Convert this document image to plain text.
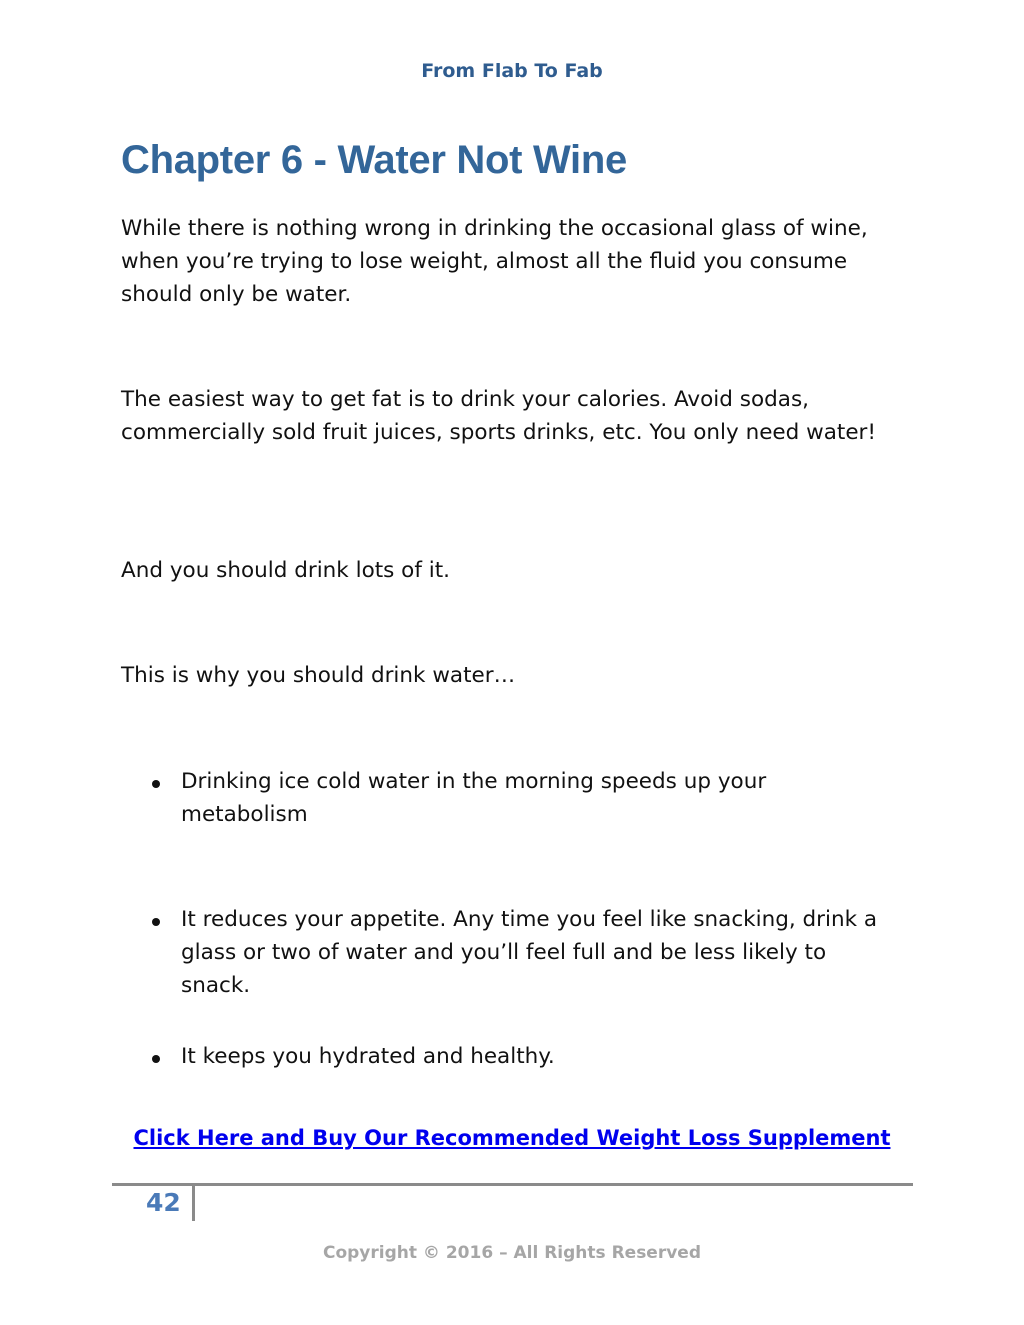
From Flab To Fab
Chapter 6 - Water Not Wine

While there is nothing wrong in drinking the occasional glass of wine, when you’re trying to lose weight, almost all the fluid you consume should only be water.

The easiest way to get fat is to drink your calories. Avoid sodas, commercially sold fruit juices, sports drinks, etc. You only need water!

And you should drink lots of it.

This is why you should drink water…

Drinking ice cold water in the morning speeds up your metabolism
It reduces your appetite. Any time you feel like snacking, drink a glass or two of water and you’ll feel full and be less likely to snack.
It keeps you hydrated and healthy.
Click Here and Buy Our Recommended Weight Loss Supplement
42
Copyright © 2016 – All Rights Reserved
